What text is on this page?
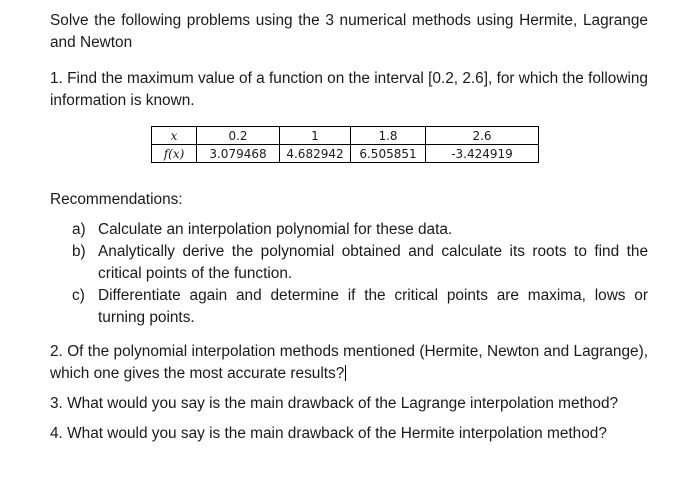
Solve the following problems using the 3 numerical methods using Hermite, Lagrange and Newton

1. Find the maximum value of a function on the interval [0.2, 2.6], for which the following information is known.

x	0.2	1	1.8	2.6
f(x)	3.079468	4.682942	6.505851	-3.424919

Recommendations:

a) Calculate an interpolation polynomial for these data.
b) Analytically derive the polynomial obtained and calculate its roots to find the critical points of the function.
c) Differentiate again and determine if the critical points are maxima, lows or turning points.

2. Of the polynomial interpolation methods mentioned (Hermite, Newton and Lagrange), which one gives the most accurate results?

3. What would you say is the main drawback of the Lagrange interpolation method?

4. What would you say is the main drawback of the Hermite interpolation method?
